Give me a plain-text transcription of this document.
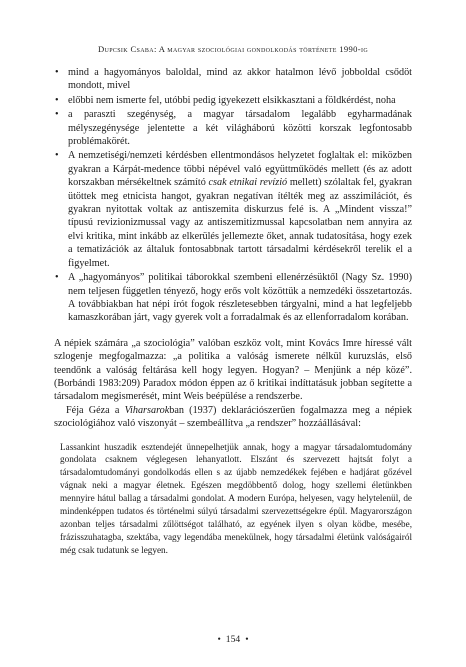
Dupcsik Csaba: A magyar szociológiai gondolkodás története 1990-ig
• mind a hagyományos baloldal, mind az akkor hatalmon lévő jobboldal csődöt mondott, mivel
• előbbi nem ismerte fel, utóbbi pedig igyekezett elsikkasztani a földkérdést, noha
• a paraszti szegénység, a magyar társadalom legalább egyharmadának mélyszegénysége jelentette a két világháború közötti korszak legfontosabb problémakörét.
• A nemzetiségi/nemzeti kérdésben ellentmondásos helyzetet foglaltak el: miközben gyakran a Kárpát-medence többi népével való együttműködés mellett (és az adott korszakban mérsékeltnek számító csak etnikai revízió mellett) szólaltak fel, gyakran ütöttek meg etnicista hangot, gyakran negatívan ítélték meg az asszimilációt, és gyakran nyitottak voltak az antiszemita diskurzus felé is. A „Mindent vissza!” típusú revizionizmussal vagy az antiszemitizmussal kapcsolatban nem annyira az elvi kritika, mint inkább az elkerülés jellemezte őket, annak tudatosítása, hogy ezek a tematizációk az általuk fontosabbnak tartott társadalmi kérdésekről terelik el a figyelmet.
• A „hagyományos” politikai táborokkal szembeni ellenérzésüktől (Nagy Sz. 1990) nem teljesen független tényező, hogy erős volt közöttük a nemzedéki összetartozás. A továbbiakban hat népi írót fogok részletesebben tárgyalni, mind a hat legfeljebb kamaszkorában járt, vagy gyerek volt a forradalmak és az ellenforradalom korában.

A népiek számára „a szociológia” valóban eszköz volt, mint Kovács Imre híressé vált szlogenje megfogalmazza: „a politika a valóság ismerete nélkül kuruzslás, első teendőnk a valóság feltárása kell hogy legyen. Hogyan? – Menjünk a nép közé”. (Borbándi 1983:209) Paradox módon éppen az ő kritikai indíttatásuk jobban segítette a társadalom megismerését, mint Weis beépülése a rendszerbe.

Féja Géza a Viharsarokban (1937) deklarációszerűen fogalmazza meg a népiek szociológiához való viszonyát – szembeállítva „a rendszer” hozzáállásával:

Lassankint huszadik esztendejét ünnepelhetjük annak, hogy a magyar társadalomtudomány gondolata csaknem véglegesen lehanyatlott. Elszánt és szervezett hajtsát folyt a társadalomtudományi gondolkodás ellen s az újabb nemzedékek fejében e hadjárat gőzével vágnak neki a magyar életnek. Egészen megdöbbentő dolog, hogy szellemi életünkben mennyire hátul ballag a társadalmi gondolat. A modern Európa, helyesen, vagy helytelenül, de mindenképpen tudatos és történelmi súlyú társadalmi szervezettségekre épül. Magyarországon azonban teljes társadalmi zűlöttségot található, az egyének ilyen s olyan ködbe, mesébe, frázisszuhatagba, szektába, vagy legendába menekülnek, hogy társadalmi életünk valóságairól még csak tudatunk se legyen.

• 154 •
